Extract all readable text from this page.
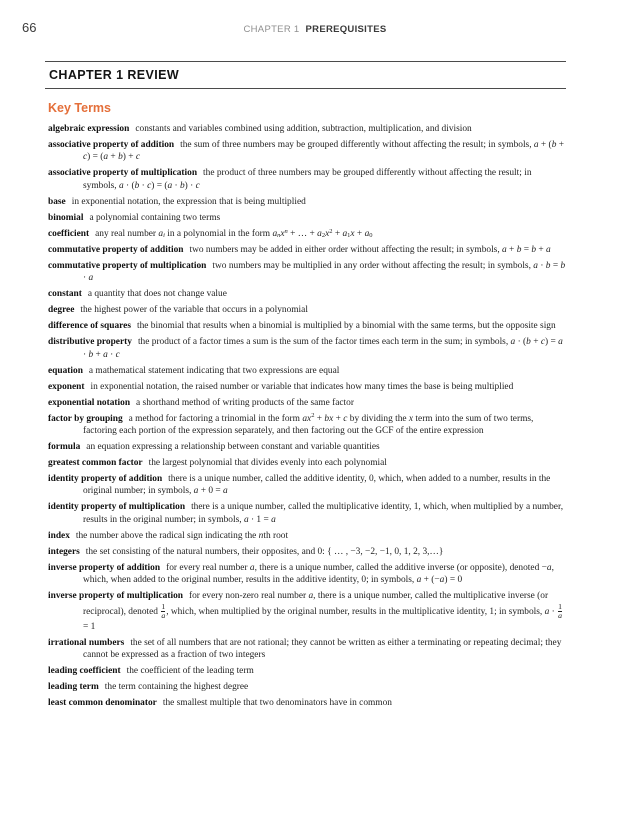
66	CHAPTER 1 PREREQUISITES
CHAPTER 1 REVIEW
Key Terms

algebraic expression constants and variables combined using addition, subtraction, multiplication, and division

associative property of addition the sum of three numbers may be grouped differently without affecting the result; in symbols, a + (b + c) = (a + b) + c

associative property of multiplication the product of three numbers may be grouped differently without affecting the result; in symbols, a · (b · c) = (a · b) · c

base in exponential notation, the expression that is being multiplied

binomial a polynomial containing two terms

coefficient any real number $a_i$ in a polynomial in the form $a_nx^n$ + … + $a_2x^2 + a_1x + a_0$

commutative property of addition two numbers may be added in either order without affecting the result; in symbols, a + b = b + a

commutative property of multiplication two numbers may be multiplied in any order without affecting the result; in symbols, a · b = b · a

constant a quantity that does not change value

degree the highest power of the variable that occurs in a polynomial

difference of squares the binomial that results when a binomial is multiplied by a binomial with the same terms, but the opposite sign

distributive property the product of a factor times a sum is the sum of the factor times each term in the sum; in symbols, a · (b + c) = a · b + a · c

equation a mathematical statement indicating that two expressions are equal

exponent in exponential notation, the raised number or variable that indicates how many times the base is being multiplied

exponential notation a shorthand method of writing products of the same factor

factor by grouping a method for factoring a trinomial in the form $ax^2$ + bx + c by dividing the x term into the sum of two terms, factoring each portion of the expression separately, and then factoring out the GCF of the entire expression

formula an equation expressing a relationship between constant and variable quantities

greatest common factor the largest polynomial that divides evenly into each polynomial

identity property of addition there is a unique number, called the additive identity, 0, which, when added to a number, results in the original number; in symbols, a + 0 = a

identity property of multiplication there is a unique number, called the multiplicative identity, 1, which, when multiplied by a number, results in the original number; in symbols, a · 1 = a

index the number above the radical sign indicating the nth root

integers the set consisting of the natural numbers, their opposites, and 0: { … , −3, −2, −1, 0, 1, 2, 3,…}

inverse property of addition for every real number a, there is a unique number, called the additive inverse (or opposite), denoted −a, which, when added to the original number, results in the additive identity, 0; in symbols, a + (−a) = 0

inverse property of multiplication for every non-zero real number a, there is a unique number, called the multiplicative inverse (or reciprocal), denoted $\frac{1}{a}$ , which, when multiplied by the original number, results in the multiplicative identity, 1; in symbols, $a \cdot \frac{1}{a}$
= 1

irrational numbers the set of all numbers that are not rational; they cannot be written as either a terminating or repeating decimal; they cannot be expressed as a fraction of two integers

leading coefficient the coefficient of the leading term

leading term the term containing the highest degree

least common denominator the smallest multiple that two denominators have in common
